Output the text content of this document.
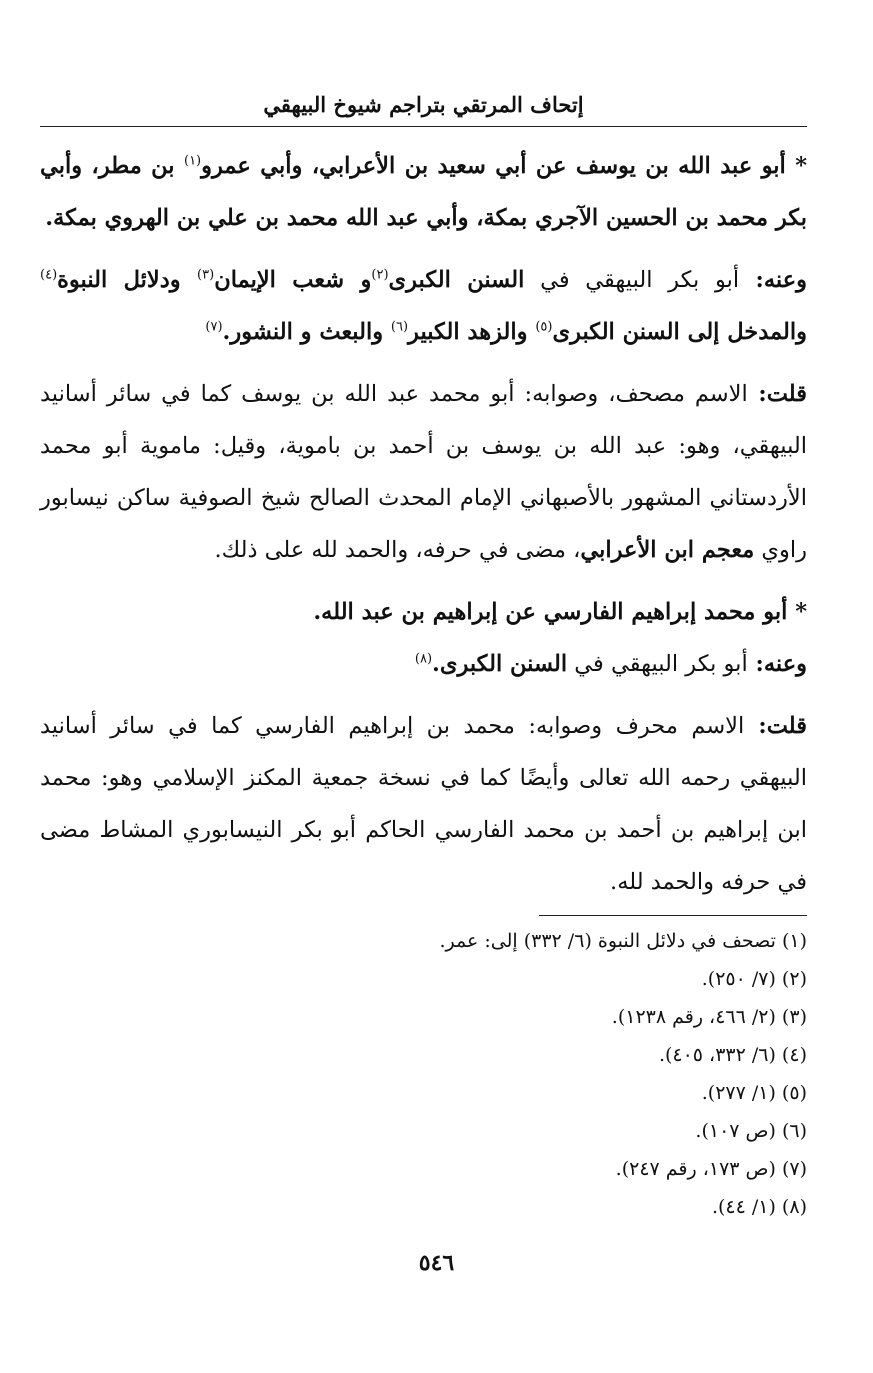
إتحاف المرتقي بتراجم شيوخ البيهقي

* أبو عبد الله بن يوسف عن أبي سعيد بن الأعرابي، وأبي عمرو$^{(١)}$ بن مطر، وأبي بكر محمد بن الحسين الآجري بمكة، وأبي عبد الله محمد بن علي بن الهروي بمكة.

وعنه: أبو بكر البيهقي في السنن الكبرى$^{(٢)}$و شعب الإيمان$^{(٣)}$ ودلائل النبوة$^{(٤)}$ والمدخل إلى السنن الكبرى$^{(٥)}$ والزهد الكبير$^{(٦)}$ والبعث و النشور.$^{(٧)}$

قلت: الاسم مصحف، وصوابه: أبو محمد عبد الله بن يوسف كما في سائر أسانيد البيهقي، وهو: عبد الله بن يوسف بن أحمد بن باموية، وقيل: ماموية أبو محمد الأردستاني المشهور بالأصبهاني الإمام المحدث الصالح شيخ الصوفية ساكن نيسابور راوي معجم ابن الأعرابي، مضى في حرفه، والحمد لله على ذلك.

* أبو محمد إبراهيم الفارسي عن إبراهيم بن عبد الله.

وعنه: أبو بكر البيهقي في السنن الكبرى.$^{(٨)}$

قلت: الاسم محرف وصوابه: محمد بن إبراهيم الفارسي كما في سائر أسانيد البيهقي رحمه الله تعالى وأيضًا كما في نسخة جمعية المكنز الإسلامي وهو: محمد ابن إبراهيم بن أحمد بن محمد الفارسي الحاكم أبو بكر النيسابوري المشاط مضى في حرفه والحمد لله.

(١) تصحف في دلائل النبوة (٦/ ٣٣٢) إلى: عمر.
(٢) (٧/ ٢٥٠).
(٣) (٢/ ٤٦٦، رقم ١٢٣٨).
(٤) (٦/ ٣٣٢، ٤٠٥).
(٥) (١/ ٢٧٧).
(٦) (ص ١٠٧).
(٧) (ص ١٧٣، رقم ٢٤٧).
(٨) (١/ ٤٤).
٥٤٦
